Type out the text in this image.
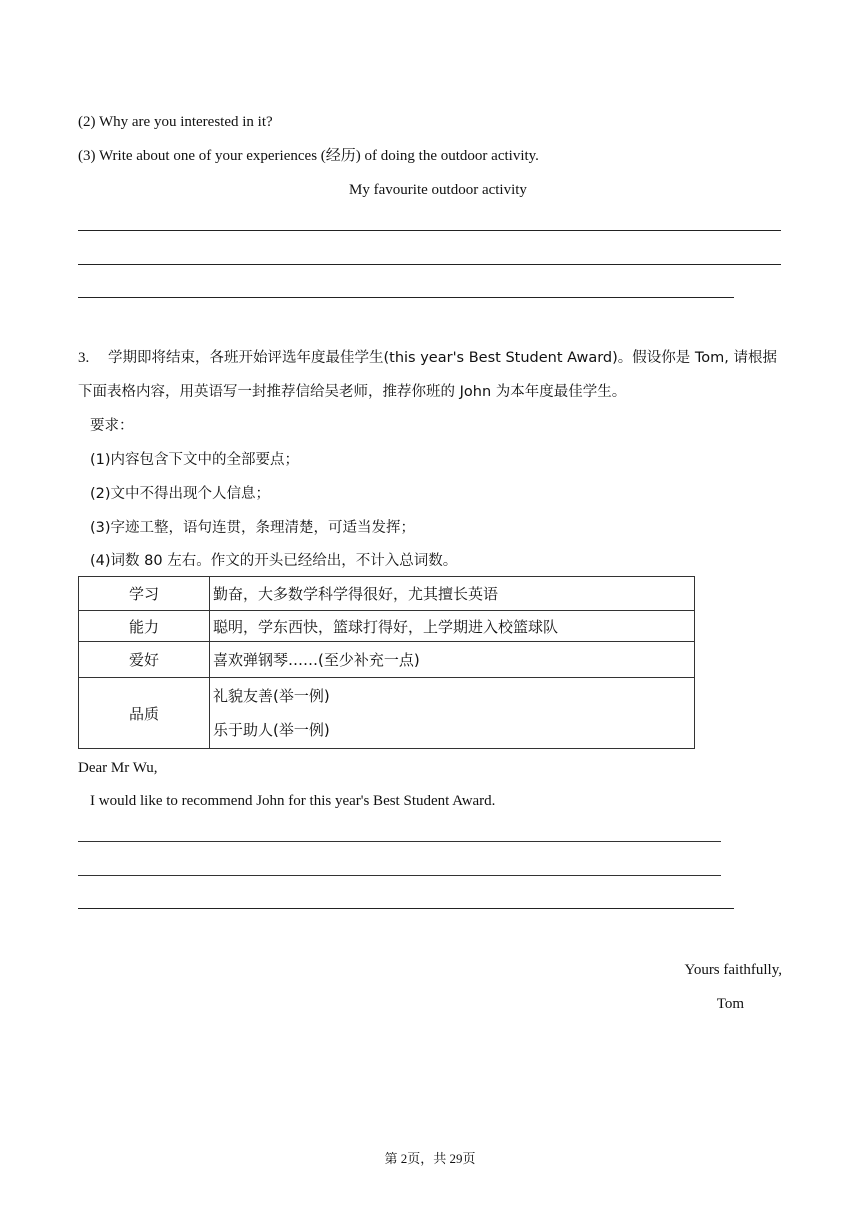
(2) Why are you interested in it?
(3) Write about one of your experiences (经历) of doing the outdoor activity.
My favourite outdoor activity
3. 学期即将结束，各班开始评选年度最佳学生(this year's Best Student Award)。假设你是 Tom, 请根据
下面表格内容，用英语写一封推荐信给吴老师，推荐你班的 John 为本年度最佳学生。
要求：
(1)内容包含下文中的全部要点；
(2)文中不得出现个人信息；
(3)字迹工整，语句连贯，条理清楚，可适当发挥；
(4)词数 80 左右。作文的开头已经给出，不计入总词数。
学习	勤奋，大多数学科学得很好，尤其擅长英语
能力	聪明，学东西快，篮球打得好，上学期进入校篮球队
爱好	喜欢弹钢琴……(至少补充一点)
品质	礼貌友善(举一例)
乐于助人(举一例)
Dear Mr Wu,
I would like to recommend John for this year's Best Student Award.
Yours faithfully,
Tom
第 2页，共 29页
